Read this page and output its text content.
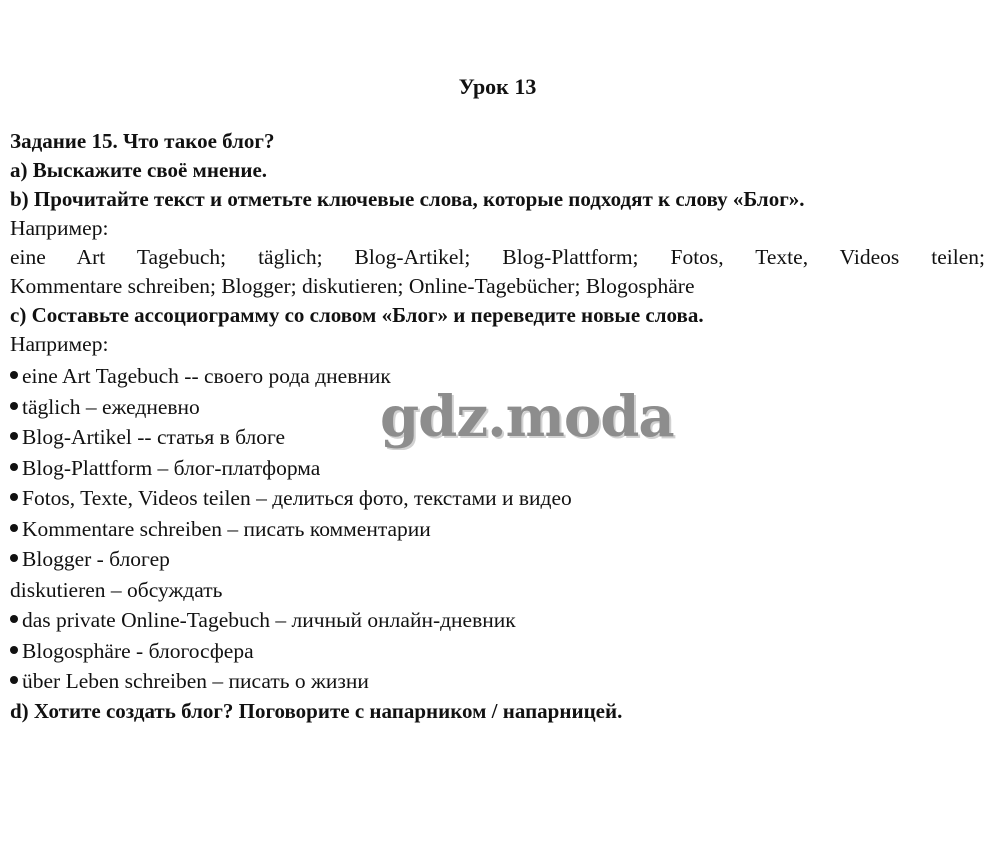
Урок 13
Задание 15. Что такое блог?
а) Выскажите своё мнение.
b) Прочитайте текст и отметьте ключевые слова, которые подходят к слову «Блог».
Например:
eine Art Tagebuch; täglich; Blog-Artikel; Blog-Plattform; Fotos, Texte, Videos teilen;
Kommentare schreiben; Blogger; diskutieren; Online-Tagebücher; Blogosphäre
c) Составьте ассоциограмму со словом «Блог» и переведите новые слова.
Например:
eine Art Tagebuch -- своего рода дневник
täglich – ежедневно
Blog-Artikel -- статья в блоге
Blog-Plattform – блог-платформа
Fotos, Texte, Videos teilen – делиться фото, текстами и видео
Kommentare schreiben – писать комментарии
Blogger - блогер
diskutieren – обсуждать
das private Online-Tagebuch – личный онлайн-дневник
Blogosphäre - блогосфера
über Leben schreiben – писать о жизни
d) Хотите создать блог? Поговорите с напарником / напарницей.
gdz.moda
